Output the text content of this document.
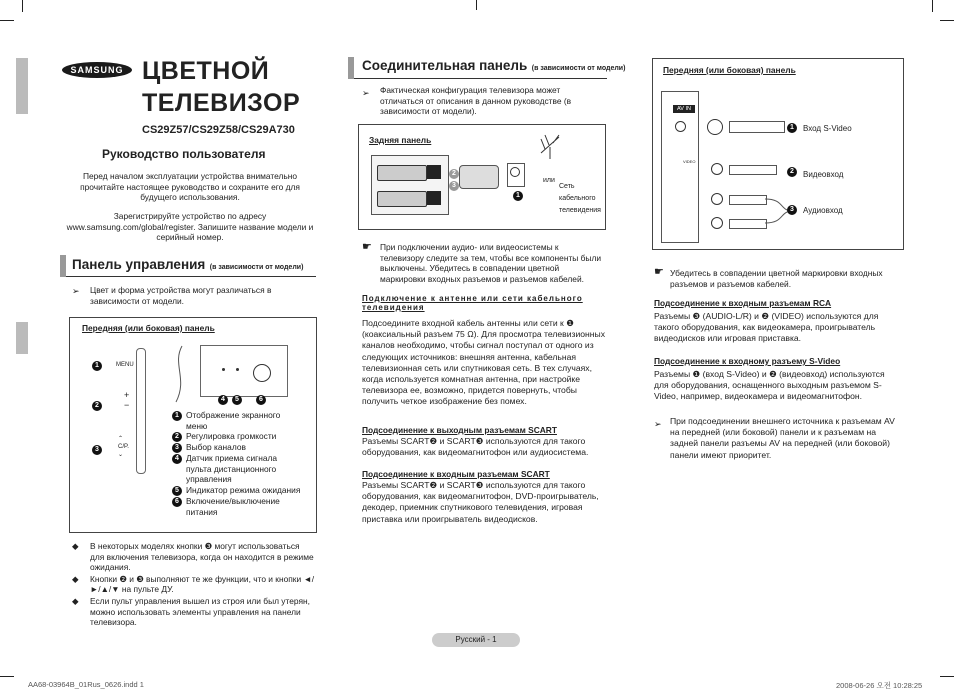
SAMSUNG ЦВЕТНОЙ
ТЕЛЕВИЗОР
CS29Z57/CS29Z58/CS29A730
Руководство пользователя
Перед началом эксплуатации устройства внимательно прочитайте настоящее руководство и сохраните его для будущего использования.
Зарегистрируйте устройство по адресу www.samsung.com/global/register. Запишите название модели и серийный номер.
Панель управления (в зависимости от модели)
➢ Цвет и форма устройства могут различаться в зависимости от модели.
Передняя (или боковая) панель
MENU
1
+
−
2
⌃
C/P.
⌄
3
4	5	6
1 Отображение экранного меню
2 Регулировка громкости
3 Выбор каналов
4 Датчик приема сигнала пульта дистанционного управления
5 Индикатор режима ожидания
6 Включение/выключение питания
◆	В некоторых моделях кнопки ❸ могут использоваться для включения телевизора, когда он находится в режиме ожидания.
◆	Кнопки ❷ и ❸ выполняют те же функции, что и кнопки ◄/►/▲/▼ на пульте ДУ.
◆	Если пульт управления вышел из строя или был утерян, можно использовать элементы управления на панели телевизора.
Соединительная панель (в зависимости от модели)
➢ Фактическая конфигурация телевизора может отличаться от описания в данном руководстве (в зависимости от модели).
Задняя панель
2
3
1
или
Сеть кабельного телевидения
☛ При подключении аудио- или видеосистемы к телевизору следите за тем, чтобы все компоненты были выключены. Убедитесь в совпадении цветной маркировки входных разъемов и разъемов кабелей.
Подключение к антенне или сети кабельного телевидения
Подсоедините входной кабель антенны или сети к ❶ (коаксиальный разъем 75 Ω). Для просмотра телевизионных каналов необходимо, чтобы сигнал поступал от одного из следующих источников: внешняя антенна, кабельная телевизионная сеть или спутниковая сеть. В тех случаях, когда используется комнатная антенна, при настройке телевизора ее, возможно, придется повернуть, чтобы получить четкое изображение без помех.
Подсоединение к выходным разъемам SCART
Разъемы SCART❷ и SCART❸ используются для такого оборудования, как видеомагнитофон или аудиосистема.
Подсоединение к входным разъемам SCART
Разъемы SCART❷ и SCART❸ используются для такого оборудования, как видеомагнитофон, DVD-проигрыватель, декодер, приемник спутникового телевидения, игровая приставка или проигрыватель видеодисков.
Передняя (или боковая) панель
AV IN
VIDEO
1
2
3
Вход S-Video
Видеовход
Аудиовход
☛ Убедитесь в совпадении цветной маркировки входных разъемов и разъемов кабелей.
Подсоединение к входным разъемам RCA
Разъемы ❸ (AUDIO-L/R) и ❷ (VIDEO) используются для такого оборудования, как видеокамера, проигрыватель видеодисков или игровая приставка.
Подсоединение к входному разъему S-Video
Разъемы ❶ (вход S-Video) и ❷ (видеовход) используются для оборудования, оснащенного выходным разъемом S-Video, например, видеокамера и видеомагнитофон.
➢ При подсоединении внешнего источника к разъемам AV на передней (или боковой) панели и к разъемам на задней панели разъемы AV на передней (или боковой) панели имеют приоритет.
Русский - 1
AA68-03964B_01Rus_0626.indd 1	2008-06-26 오전 10:28:25
